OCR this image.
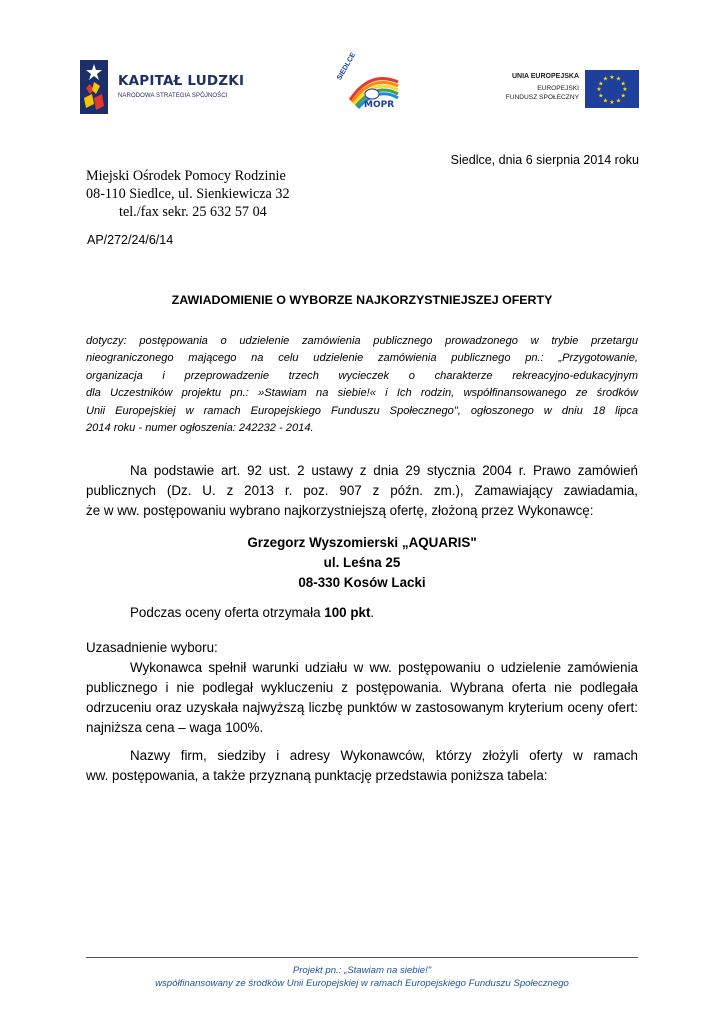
KAPITAŁ LUDZKI
NARODOWA STRATEGIA SPÓJNOŚCI
SIEDLCE
MOPR
UNIA EUROPEJSKA
EUROPEJSKI
FUNDUSZ SPOŁECZNY
★ ★
★
★
★
★
★
★
★
★
★
★
Siedlce, dnia 6 sierpnia 2014 roku
Miejski Ośrodek Pomocy Rodzinie
08-110 Siedlce, ul. Sienkiewicza 32
tel./fax sekr. 25 632 57 04
AP/272/24/6/14
ZAWIADOMIENIE O WYBORZE NAJKORZYSTNIEJSZEJ OFERTY
dotyczy: postępowania o udzielenie zamówienia publicznego prowadzonego w trybie przetargu
nieograniczonego mającego na celu udzielenie zamówienia publicznego pn.: „Przygotowanie,
organizacja i przeprowadzenie trzech wycieczek o charakterze rekreacyjno-edukacyjnym
dla Uczestników projektu pn.: »Stawiam na siebie!« i Ich rodzin, współfinansowanego ze środków
Unii Europejskiej w ramach Europejskiego Funduszu Społecznego", ogłoszonego w dniu 18 lipca
2014 roku - numer ogłoszenia: 242232 - 2014.
Na podstawie art. 92 ust. 2 ustawy z dnia 29 stycznia 2004 r. Prawo zamówień
publicznych (Dz. U. z 2013 r. poz. 907 z późn. zm.), Zamawiający zawiadamia,
że w ww. postępowaniu wybrano najkorzystniejszą ofertę, złożoną przez Wykonawcę:
Grzegorz Wyszomierski „AQUARIS"
ul. Leśna 25
08-330 Kosów Lacki
Podczas oceny oferta otrzymała 100 pkt.
Uzasadnienie wyboru:
Wykonawca spełnił warunki udziału w ww. postępowaniu o udzielenie zamówienia
publicznego i nie podlegał wykluczeniu z postępowania. Wybrana oferta nie podlegała
odrzuceniu oraz uzyskała najwyższą liczbę punktów w zastosowanym kryterium oceny ofert:
najniższa cena – waga 100%.
Nazwy firm, siedziby i adresy Wykonawców, którzy złożyli oferty w ramach
ww. postępowania, a także przyznaną punktację przedstawia poniższa tabela:
Projekt pn.: „Stawiam na siebie!"
współfinansowany ze środków Unii Europejskiej w ramach Europejskiego Funduszu Społecznego
